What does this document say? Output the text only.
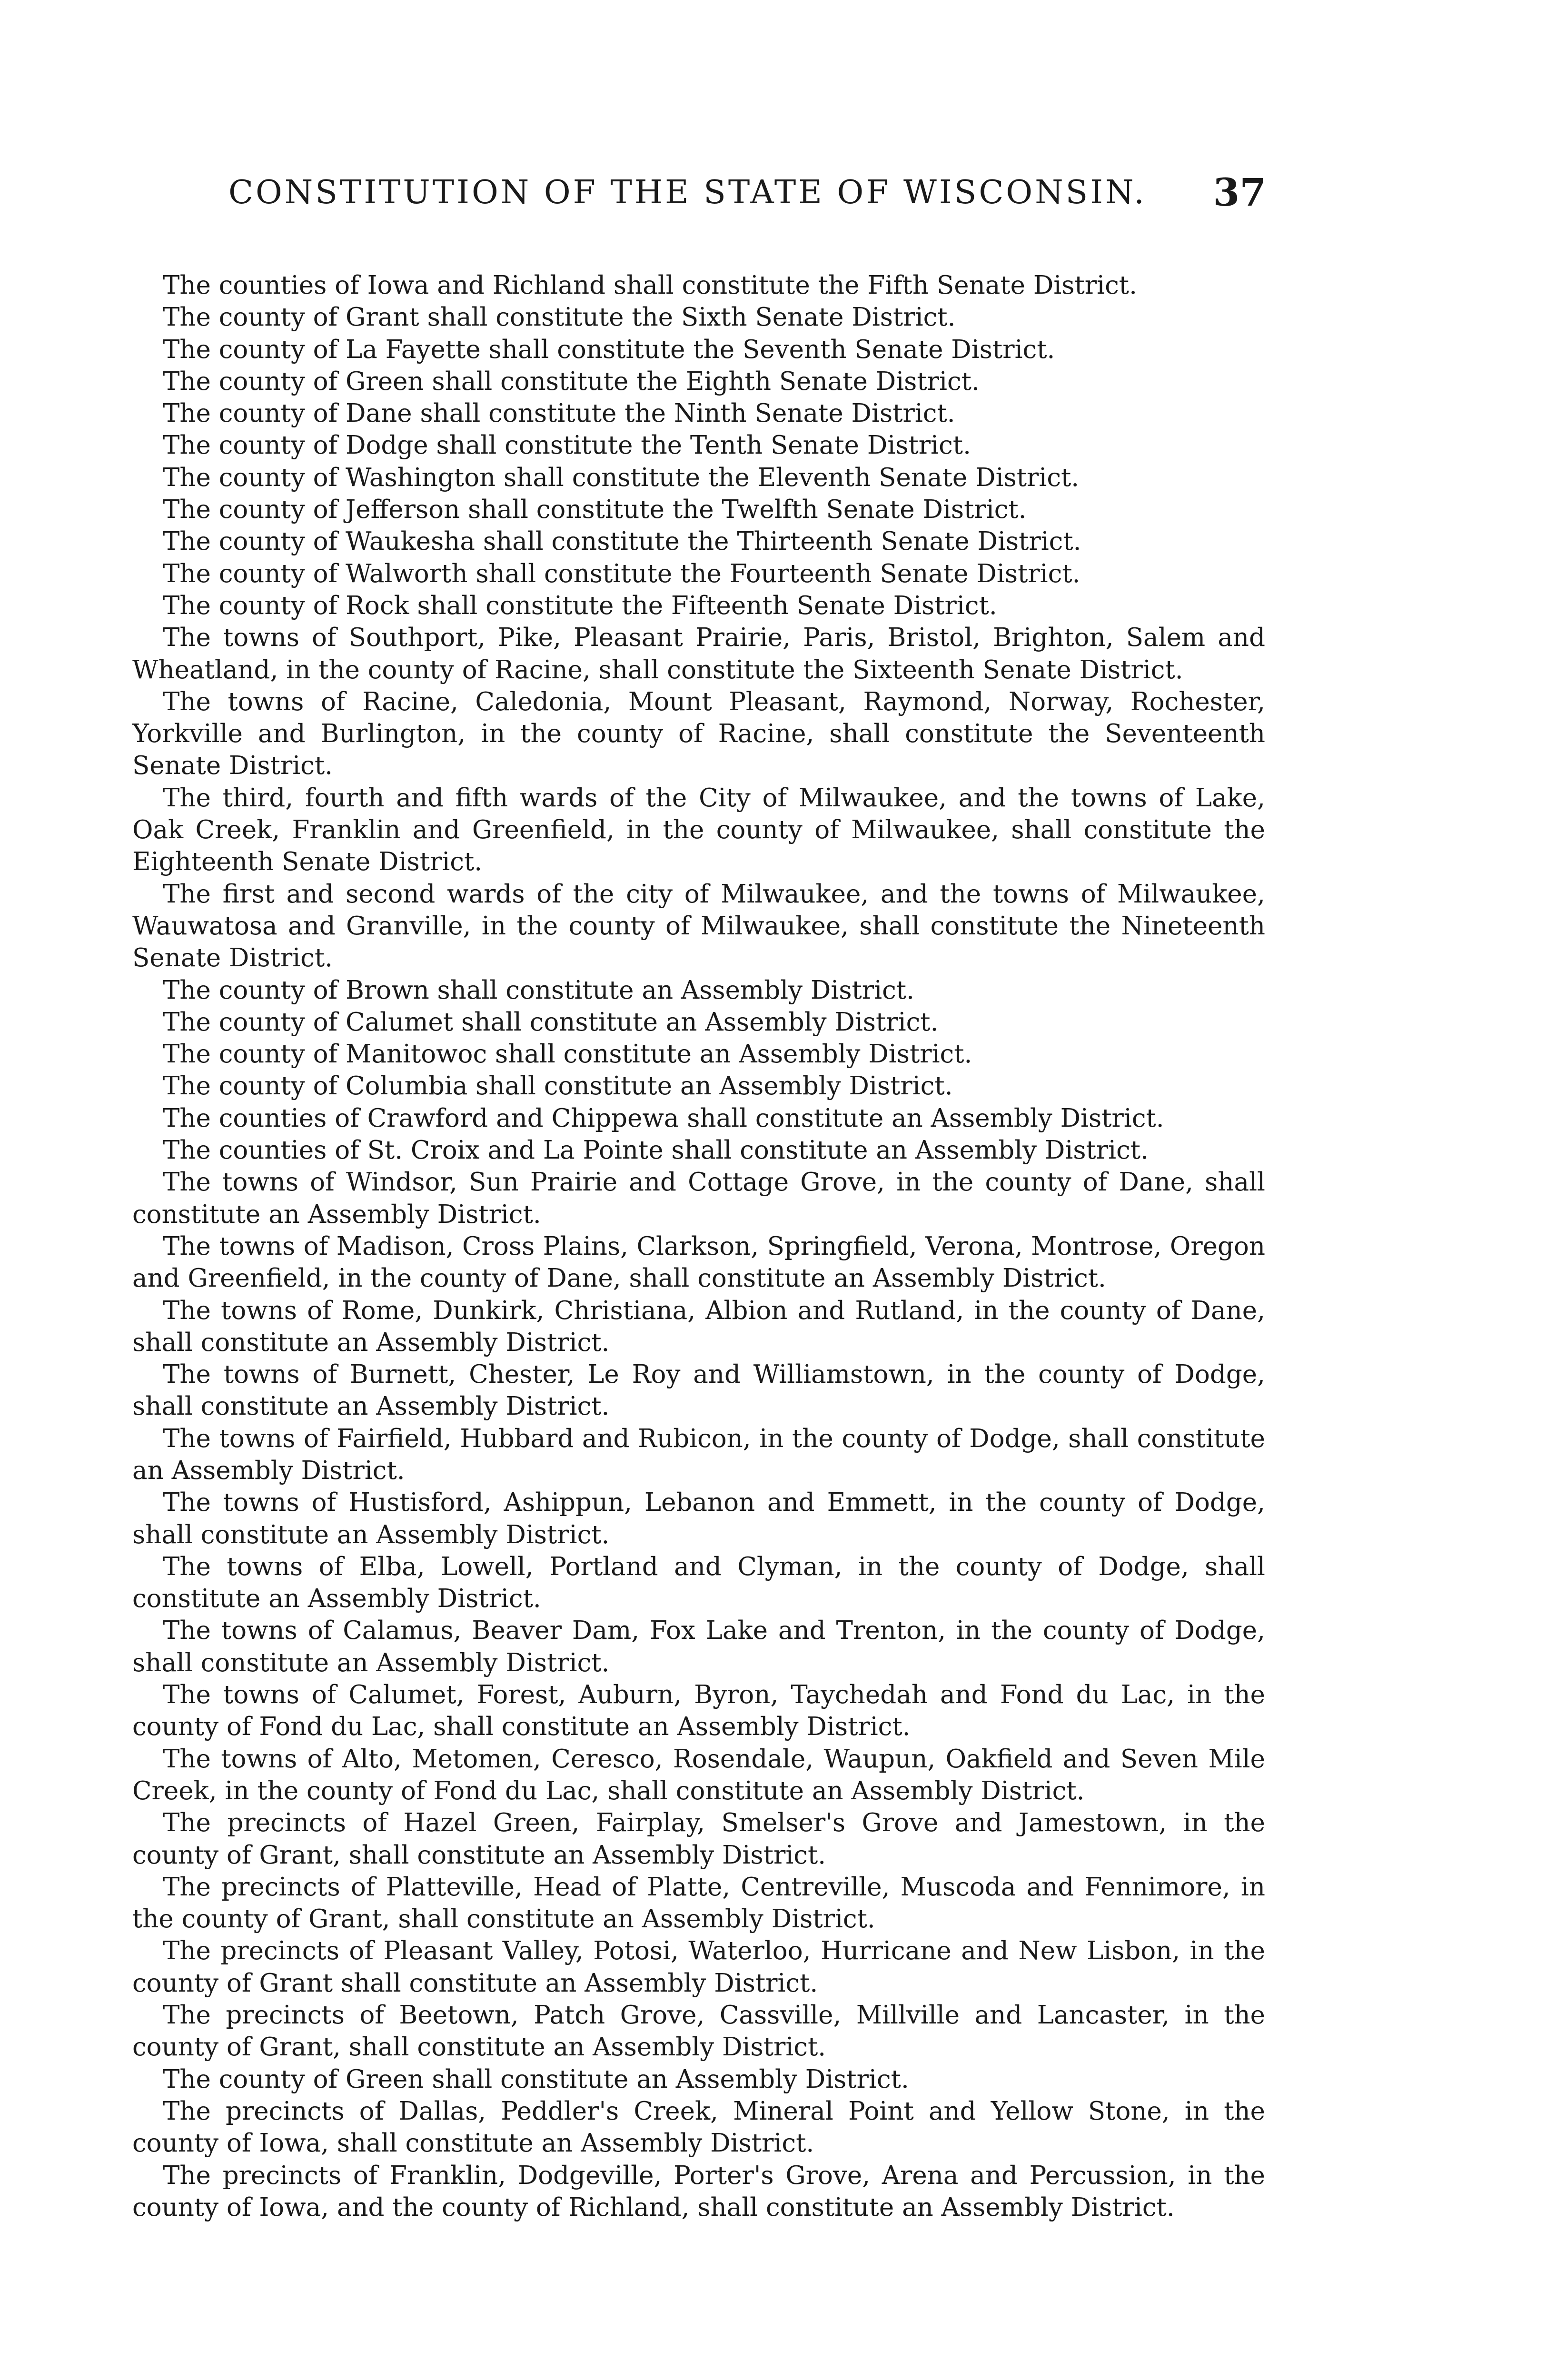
CONSTITUTION OF THE STATE OF WISCONSIN. 37

The counties of Iowa and Richland shall constitute the Fifth Senate District.

The county of Grant shall constitute the Sixth Senate District.

The county of La Fayette shall constitute the Seventh Senate District.

The county of Green shall constitute the Eighth Senate District.

The county of Dane shall constitute the Ninth Senate District.

The county of Dodge shall constitute the Tenth Senate District.

The county of Washington shall constitute the Eleventh Senate District.

The county of Jefferson shall constitute the Twelfth Senate District.

The county of Waukesha shall constitute the Thirteenth Senate District.

The county of Walworth shall constitute the Fourteenth Senate District.

The county of Rock shall constitute the Fifteenth Senate District.

The towns of Southport, Pike, Pleasant Prairie, Paris, Bristol, Brighton, Salem and Wheatland, in the county of Racine, shall constitute the Sixteenth Senate District.

The towns of Racine, Caledonia, Mount Pleasant, Raymond, Norway, Rochester, Yorkville and Burlington, in the county of Racine, shall constitute the Seventeenth Senate District.

The third, fourth and fifth wards of the City of Milwaukee, and the towns of Lake, Oak Creek, Franklin and Greenfield, in the county of Milwaukee, shall constitute the Eighteenth Senate District.

The first and second wards of the city of Milwaukee, and the towns of Milwaukee, Wauwatosa and Granville, in the county of Milwaukee, shall constitute the Nineteenth Senate District.

The county of Brown shall constitute an Assembly District.

The county of Calumet shall constitute an Assembly District.

The county of Manitowoc shall constitute an Assembly District.

The county of Columbia shall constitute an Assembly District.

The counties of Crawford and Chippewa shall constitute an Assembly District.

The counties of St. Croix and La Pointe shall constitute an Assembly District.

The towns of Windsor, Sun Prairie and Cottage Grove, in the county of Dane, shall constitute an Assembly District.

The towns of Madison, Cross Plains, Clarkson, Springfield, Verona, Montrose, Oregon and Greenfield, in the county of Dane, shall constitute an Assembly District.

The towns of Rome, Dunkirk, Christiana, Albion and Rutland, in the county of Dane, shall constitute an Assembly District.

The towns of Burnett, Chester, Le Roy and Williamstown, in the county of Dodge, shall constitute an Assembly District.

The towns of Fairfield, Hubbard and Rubicon, in the county of Dodge, shall constitute an Assembly District.

The towns of Hustisford, Ashippun, Lebanon and Emmett, in the county of Dodge, shall constitute an Assembly District.

The towns of Elba, Lowell, Portland and Clyman, in the county of Dodge, shall constitute an Assembly District.

The towns of Calamus, Beaver Dam, Fox Lake and Trenton, in the county of Dodge, shall constitute an Assembly District.

The towns of Calumet, Forest, Auburn, Byron, Taychedah and Fond du Lac, in the county of Fond du Lac, shall constitute an Assembly District.

The towns of Alto, Metomen, Ceresco, Rosendale, Waupun, Oakfield and Seven Mile Creek, in the county of Fond du Lac, shall constitute an Assembly District.

The precincts of Hazel Green, Fairplay, Smelser's Grove and Jamestown, in the county of Grant, shall constitute an Assembly District.

The precincts of Platteville, Head of Platte, Centreville, Muscoda and Fennimore, in the county of Grant, shall constitute an Assembly District.

The precincts of Pleasant Valley, Potosi, Waterloo, Hurricane and New Lisbon, in the county of Grant shall constitute an Assembly District.

The precincts of Beetown, Patch Grove, Cassville, Millville and Lancaster, in the county of Grant, shall constitute an Assembly District.

The county of Green shall constitute an Assembly District.

The precincts of Dallas, Peddler's Creek, Mineral Point and Yellow Stone, in the county of Iowa, shall constitute an Assembly District.

The precincts of Franklin, Dodgeville, Porter's Grove, Arena and Percussion, in the county of Iowa, and the county of Richland, shall constitute an Assembly District.
